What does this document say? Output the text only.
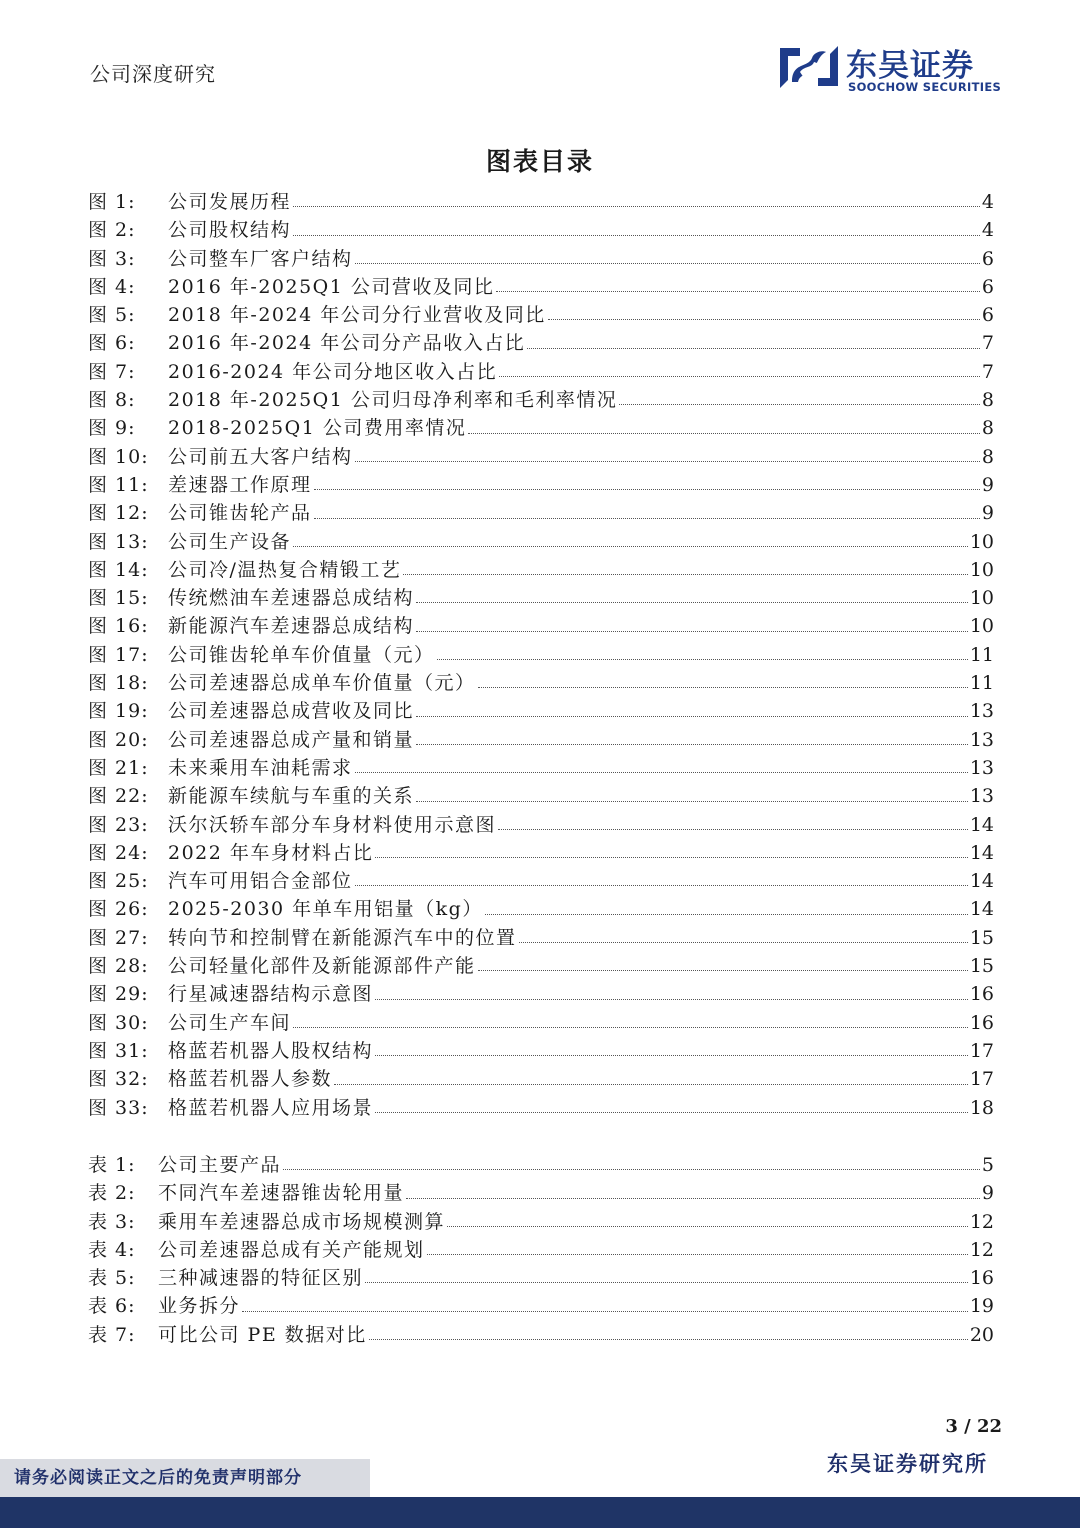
公司深度研究	东吴证券
SOOCHOW SECURITIES
图表目录
图 1:	公司发展历程	4
图 2:	公司股权结构	4
图 3:	公司整车厂客户结构	6
图 4:	2016 年-2025Q1 公司营收及同比	6
图 5:	2018 年-2024 年公司分行业营收及同比	6
图 6:	2016 年-2024 年公司分产品收入占比	7
图 7:	2016-2024 年公司分地区收入占比	7
图 8:	2018 年-2025Q1 公司归母净利率和毛利率情况	8
图 9:	2018-2025Q1 公司费用率情况	8
图 10:	公司前五大客户结构	8
图 11:	差速器工作原理	9
图 12:	公司锥齿轮产品	9
图 13:	公司生产设备	10
图 14:	公司冷/温热复合精锻工艺	10
图 15:	传统燃油车差速器总成结构	10
图 16:	新能源汽车差速器总成结构	10
图 17:	公司锥齿轮单车价值量（元）	11
图 18:	公司差速器总成单车价值量（元）	11
图 19:	公司差速器总成营收及同比	13
图 20:	公司差速器总成产量和销量	13
图 21:	未来乘用车油耗需求	13
图 22:	新能源车续航与车重的关系	13
图 23:	沃尔沃轿车部分车身材料使用示意图	14
图 24:	2022 年车身材料占比	14
图 25:	汽车可用铝合金部位	14
图 26:	2025-2030 年单车用铝量（kg）	14
图 27:	转向节和控制臂在新能源汽车中的位置	15
图 28:	公司轻量化部件及新能源部件产能	15
图 29:	行星减速器结构示意图	16
图 30:	公司生产车间	16
图 31:	格蓝若机器人股权结构	17
图 32:	格蓝若机器人参数	17
图 33:	格蓝若机器人应用场景	18
表 1:	公司主要产品	5
表 2:	不同汽车差速器锥齿轮用量	9
表 3:	乘用车差速器总成市场规模测算	12
表 4:	公司差速器总成有关产能规划	12
表 5:	三种减速器的特征区别	16
表 6:	业务拆分	19
表 7:	可比公司 PE 数据对比	20
3 / 22
东吴证券研究所
请务必阅读正文之后的免责声明部分
